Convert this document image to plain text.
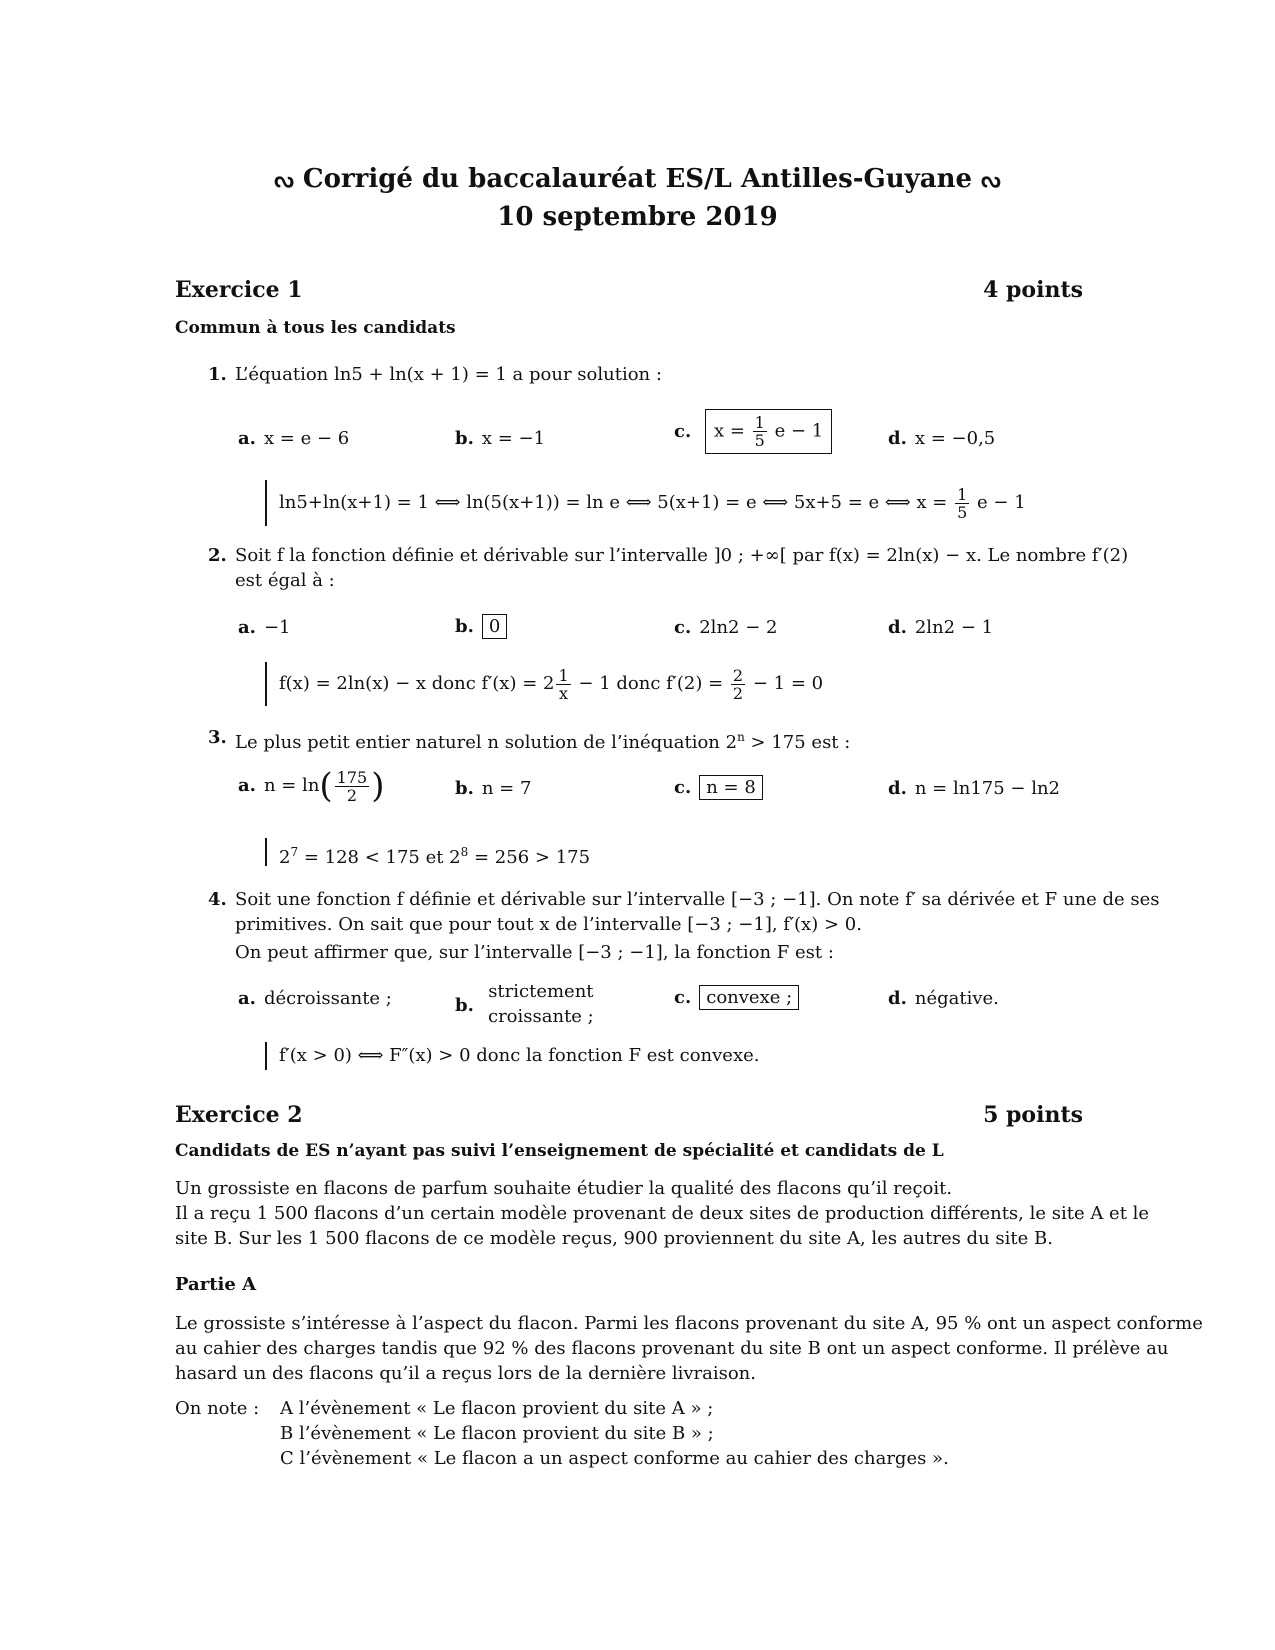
ᔓ Corrigé du baccalauréat ES/L Antilles-Guyane ᔓ
10 septembre 2019
Exercice 1	4 points
Commun à tous les candidats
1. L’équation ln5 + ln(x + 1) = 1 a pour solution :
a. x = e − 6	b. x = −1	c. $x = \frac{1}{5}$ e − 1	d. x = −0,5
ln5+ln(x+1) = 1 ⟺ ln(5(x+1)) = ln e ⟺ 5(x+1) = e ⟺ 5x+5 = e ⟺ $x = \frac{1}{5}$ e − 1
2. Soit f la fonction définie et dérivable sur l’intervalle ]0 ; +∞[ par f(x) = 2ln(x) − x. Le nombre f′(2)
est égal à :
a. −1	b. 0	c. 2ln2 − 2	d. 2ln2 − 1
f(x) = 2ln(x) − x donc $f'(x) = 2 \frac{1}{x} - 1$ donc $f'(2) = \frac{2}{2} - 1 = 0$
3. Le plus petit entier naturel n solution de l’inéquation $2^n > 175$ est :
a. $n = \ln( \frac{175}{2}$ )	b. n = 7	c. n = 8	d. n = ln175 − ln2
$2^7 = 128 < 175$ et $2^8 = 256 > 175$
4. Soit une fonction f définie et dérivable sur l’intervalle [−3 ; −1]. On note f′ sa dérivée et F une de ses
primitives. On sait que pour tout x de l’intervalle [−3 ; −1], f′(x) > 0.
On peut affirmer que, sur l’intervalle [−3 ; −1], la fonction F est :
a. décroissante ;	b.
strictement
croissante ;
c. convexe ;	d. négative.
f′(x > 0) ⟺ F″(x) > 0 donc la fonction F est convexe.
Exercice 2	5 points
Candidats de ES n’ayant pas suivi l’enseignement de spécialité et candidats de L
Un grossiste en flacons de parfum souhaite étudier la qualité des flacons qu’il reçoit.
Il a reçu 1 500 flacons d’un certain modèle provenant de deux sites de production différents, le site A et le
site B. Sur les 1 500 flacons de ce modèle reçus, 900 proviennent du site A, les autres du site B.
Partie A
Le grossiste s’intéresse à l’aspect du flacon. Parmi les flacons provenant du site A, 95 % ont un aspect conforme
au cahier des charges tandis que 92 % des flacons provenant du site B ont un aspect conforme. Il prélève au
hasard un des flacons qu’il a reçus lors de la dernière livraison.
On note : A l’évènement « Le flacon provient du site A » ;
B l’évènement « Le flacon provient du site B » ;
C l’évènement « Le flacon a un aspect conforme au cahier des charges ».
